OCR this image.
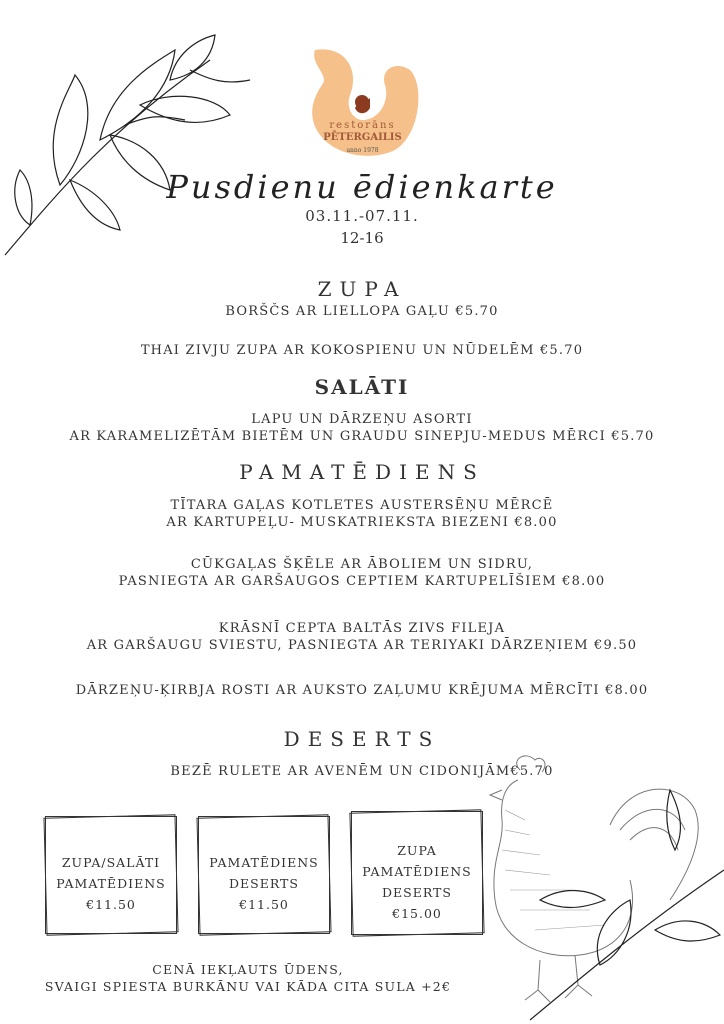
restorāns
PĒTERGAILIS
anno 1978
Pusdienu ēdienkarte
03.11.-07.11.
12-16
ZUPA
BORŠČS AR LIELLOPA GAĻU €5.70
THAI ZIVJU ZUPA AR KOKOSPIENU UN NŪDELĒM €5.70
SALĀTI
LAPU UN DĀRZEŅU ASORTI
AR KARAMELIZĒTĀM BIETĒM UN GRAUDU SINEPJU-MEDUS MĒRCI €5.70
PAMATĒDIENS
TĪTARA GAĻAS KOTLETES AUSTERSĒŅU MĒRCĒ
AR KARTUPEĻU- MUSKATRIEKSTA BIEZENI €8.00
CŪKGAĻAS ŠĶĒLE AR ĀBOLIEM UN SIDRU,
PASNIEGTA AR GARŠAUGOS CEPTIEM KARTUPELĪŠIEM €8.00
KRĀSNĪ CEPTA BALTĀS ZIVS FILEJA
AR GARŠAUGU SVIESTU, PASNIEGTA AR TERIYAKI DĀRZEŅIEM €9.50
DĀRZEŅU-ĶIRBJA ROSTI AR AUKSTO ZAĻUMU KRĒJUMA MĒRCĪTI €8.00
DESERTS
BEZĒ RULETE AR AVENĒM UN CIDONIJĀM€5.70
ZUPA/SALĀTI
PAMATĒDIENS
€11.50
PAMATĒDIENS
DESERTS
€11.50
ZUPA
PAMATĒDIENS
DESERTS
€15.00
CENĀ IEKĻAUTS ŪDENS,
SVAIGI SPIESTA BURKĀNU VAI KĀDA CITA SULA +2€
